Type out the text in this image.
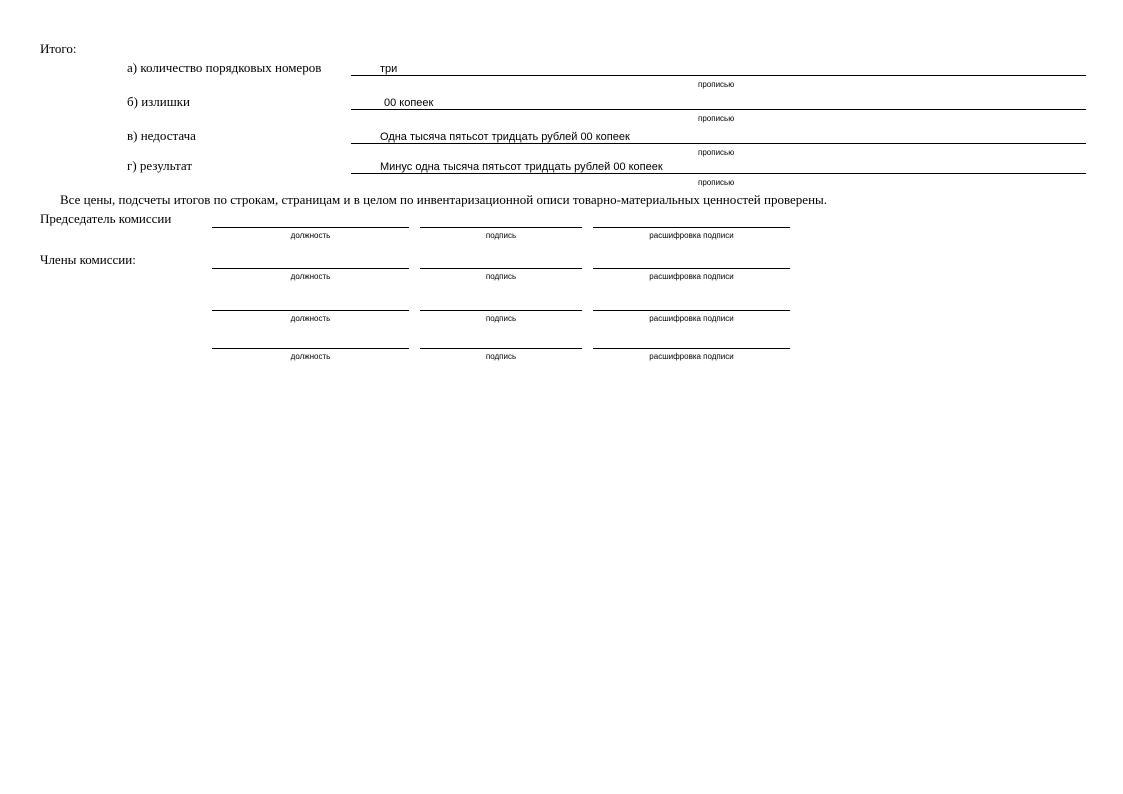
Итого:
а) количество порядковых номеров	три
прописью
б) излишки	00 копеек
прописью
в) недостача	Одна тысяча пятьсот тридцать рублей 00 копеек
прописью
г) результат	Минус одна тысяча пятьсот тридцать рублей 00 копеек
прописью
Все цены, подсчеты итогов по строкам, страницам и в целом по инвентаризационной описи товарно-материальных ценностей проверены.
Председатель комиссии
должность	подпись	расшифровка подписи
Члены комиссии:
должность	подпись	расшифровка подписи
должность	подпись	расшифровка подписи
должность	подпись	расшифровка подписи
